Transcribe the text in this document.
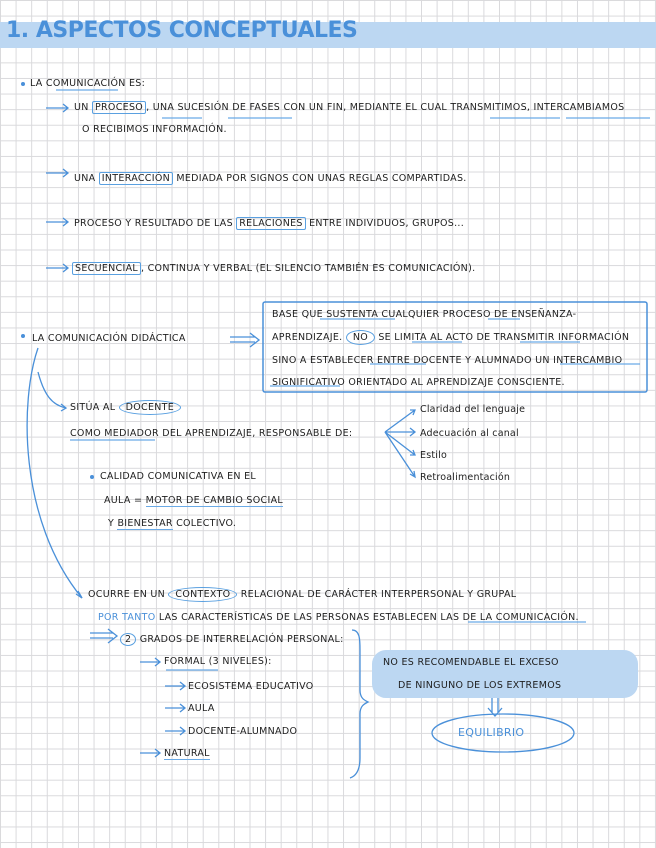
1. ASPECTOS CONCEPTUALES
LA COMUNICACIÓN ES:
UN PROCESO , UNA SUCESIÓN DE FASES CON UN FIN, MEDIANTE EL CUAL TRANSMITIMOS, INTERCAMBIAMOS
O RECIBIMOS INFORMACIÓN.
UNA INTERACCIÓN MEDIADA POR SIGNOS CON UNAS REGLAS COMPARTIDAS.
PROCESO Y RESULTADO DE LAS RELACIONES ENTRE INDIVIDUOS, GRUPOS...
SECUENCIAL , CONTINUA Y VERBAL (EL SILENCIO TAMBIÉN ES COMUNICACIÓN).
LA COMUNICACIÓN DIDÁCTICA
BASE QUE SUSTENTA CUALQUIER PROCESO DE ENSEÑANZA-
APRENDIZAJE. NO SE LIMITA AL ACTO DE TRANSMITIR INFORMACIÓN
SINO A ESTABLECER ENTRE DOCENTE Y ALUMNADO UN INTERCAMBIO
SIGNIFICATIVO ORIENTADO AL APRENDIZAJE CONSCIENTE.
SITÚA AL DOCENTE
COMO MEDIADOR DEL APRENDIZAJE, RESPONSABLE DE:
Claridad del lenguaje
Adecuación al canal
Estilo
Retroalimentación
CALIDAD COMUNICATIVA EN EL
AULA = MOTOR DE CAMBIO SOCIAL
Y BIENESTAR COLECTIVO.
OCURRE EN UN CONTEXTO RELACIONAL DE CARÁCTER INTERPERSONAL Y GRUPAL
POR TANTO LAS CARACTERÍSTICAS DE LAS PERSONAS ESTABLECEN LAS DE LA COMUNICACIÓN.
2 GRADOS DE INTERRELACIÓN PERSONAL:
FORMAL (3 NIVELES):
ECOSISTEMA EDUCATIVO
AULA
DOCENTE-ALUMNADO
NATURAL
NO ES RECOMENDABLE EL EXCESO
DE NINGUNO DE LOS EXTREMOS
EQUILIBRIO
